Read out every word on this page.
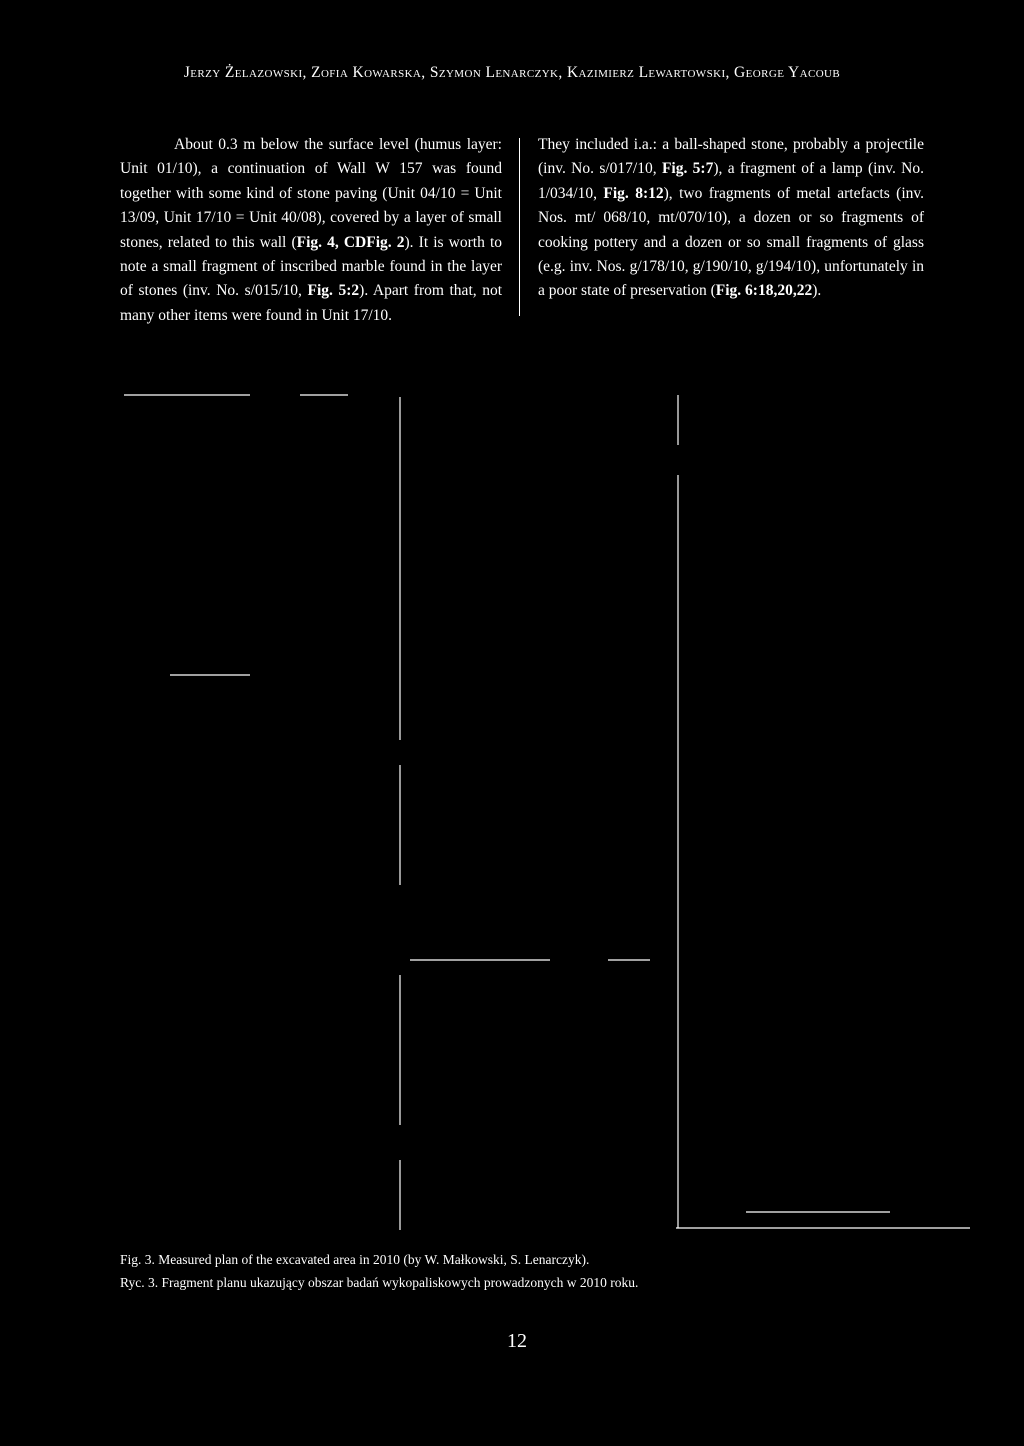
Jerzy Żelazowski, Zofia Kowarska, Szymon Lenarczyk, Kazimierz Lewartowski, George Yacoub

About 0.3 m below the surface level (humus layer: Unit 01/10), a continuation of Wall W 157 was found together with some kind of stone paving (Unit 04/10 = Unit 13/09, Unit 17/10 = Unit 40/08), covered by a layer of small stones, related to this wall (Fig. 4, CDFig. 2). It is worth to note a small fragment of inscribed marble found in the layer of stones (inv. No. s/015/10, Fig. 5:2). Apart from that, not many other items were found in Unit 17/10.

They included i.a.: a ball-shaped stone, probably a projectile (inv. No. s/017/10, Fig. 5:7), a fragment of a lamp (inv. No. 1/034/10, Fig. 8:12), two fragments of metal artefacts (inv. Nos. mt/ 068/10, mt/070/10), a dozen or so fragments of cooking pottery and a dozen or so small fragments of glass (e.g. inv. Nos. g/178/10, g/190/10, g/194/10), unfortunately in a poor state of preservation (Fig. 6:18,20,22).

Fig. 3. Measured plan of the excavated area in 2010 (by W. Małkowski, S. Lenarczyk).
Ryc. 3. Fragment planu ukazujący obszar badań wykopaliskowych prowadzonych w 2010 roku.
12
